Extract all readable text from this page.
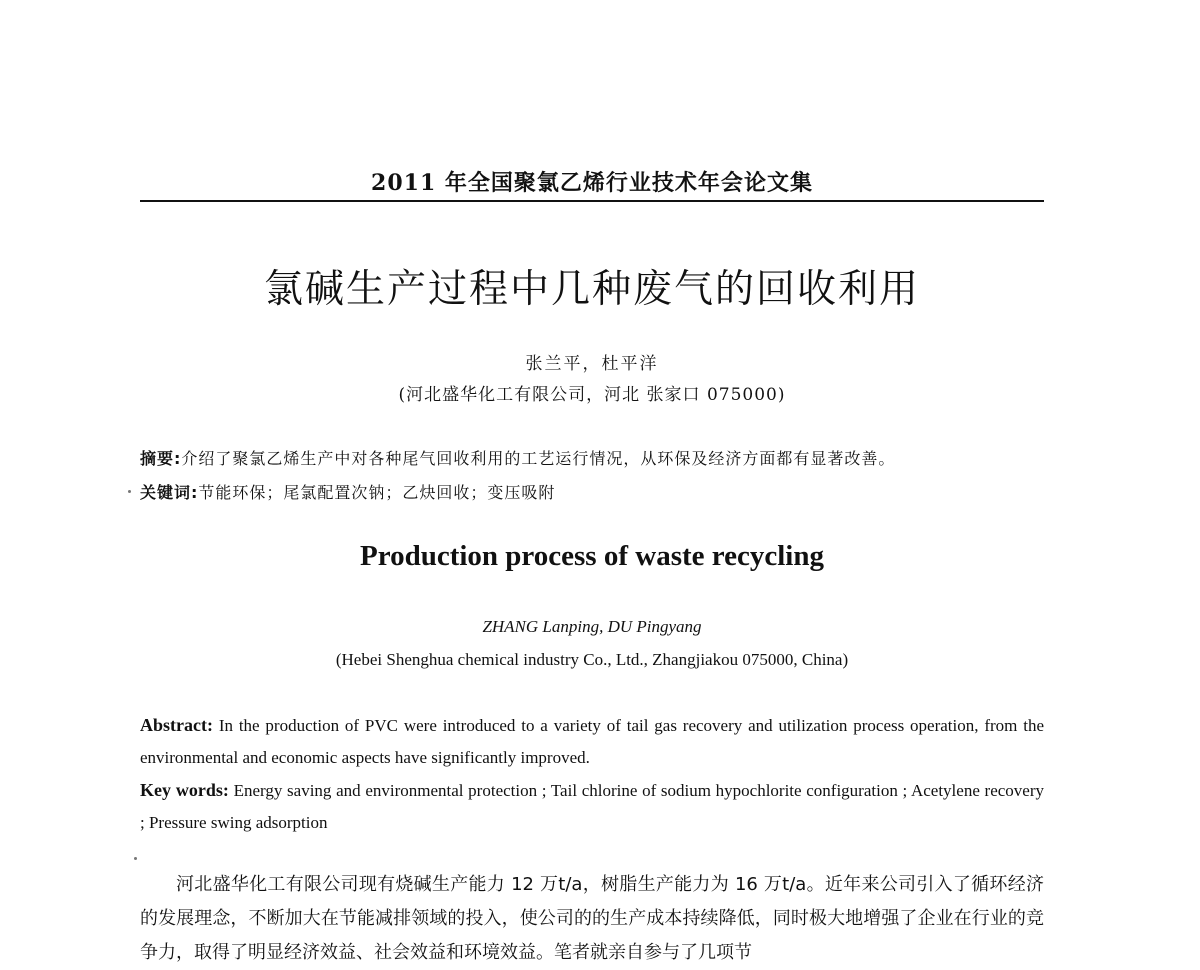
2011 年全国聚氯乙烯行业技术年会论文集
氯碱生产过程中几种废气的回收利用
张兰平，杜平洋
(河北盛华化工有限公司，河北 张家口 075000)
摘要:介绍了聚氯乙烯生产中对各种尾气回收利用的工艺运行情况，从环保及经济方面都有显著改善。
关键词:节能环保；尾氯配置次钠；乙炔回收；变压吸附
Production process of waste recycling
ZHANG Lanping, DU Pingyang
(Hebei Shenghua chemical industry Co., Ltd., Zhangjiakou 075000, China)
Abstract: In the production of PVC were introduced to a variety of tail gas recovery and utilization process operation, from the environmental and economic aspects have significantly improved.
Key words: Energy saving and environmental protection ; Tail chlorine of sodium hypochlorite configuration ; Acetylene recovery ; Pressure swing adsorption
河北盛华化工有限公司现有烧碱生产能力 12 万t/a，树脂生产能力为 16 万t/a。近年来公司引入了循环经济的发展理念，不断加大在节能减排领域的投入，使公司的的生产成本持续降低，同时极大地增强了企业在行业的竞争力，取得了明显经济效益、社会效益和环境效益。笔者就亲自参与了几项节
